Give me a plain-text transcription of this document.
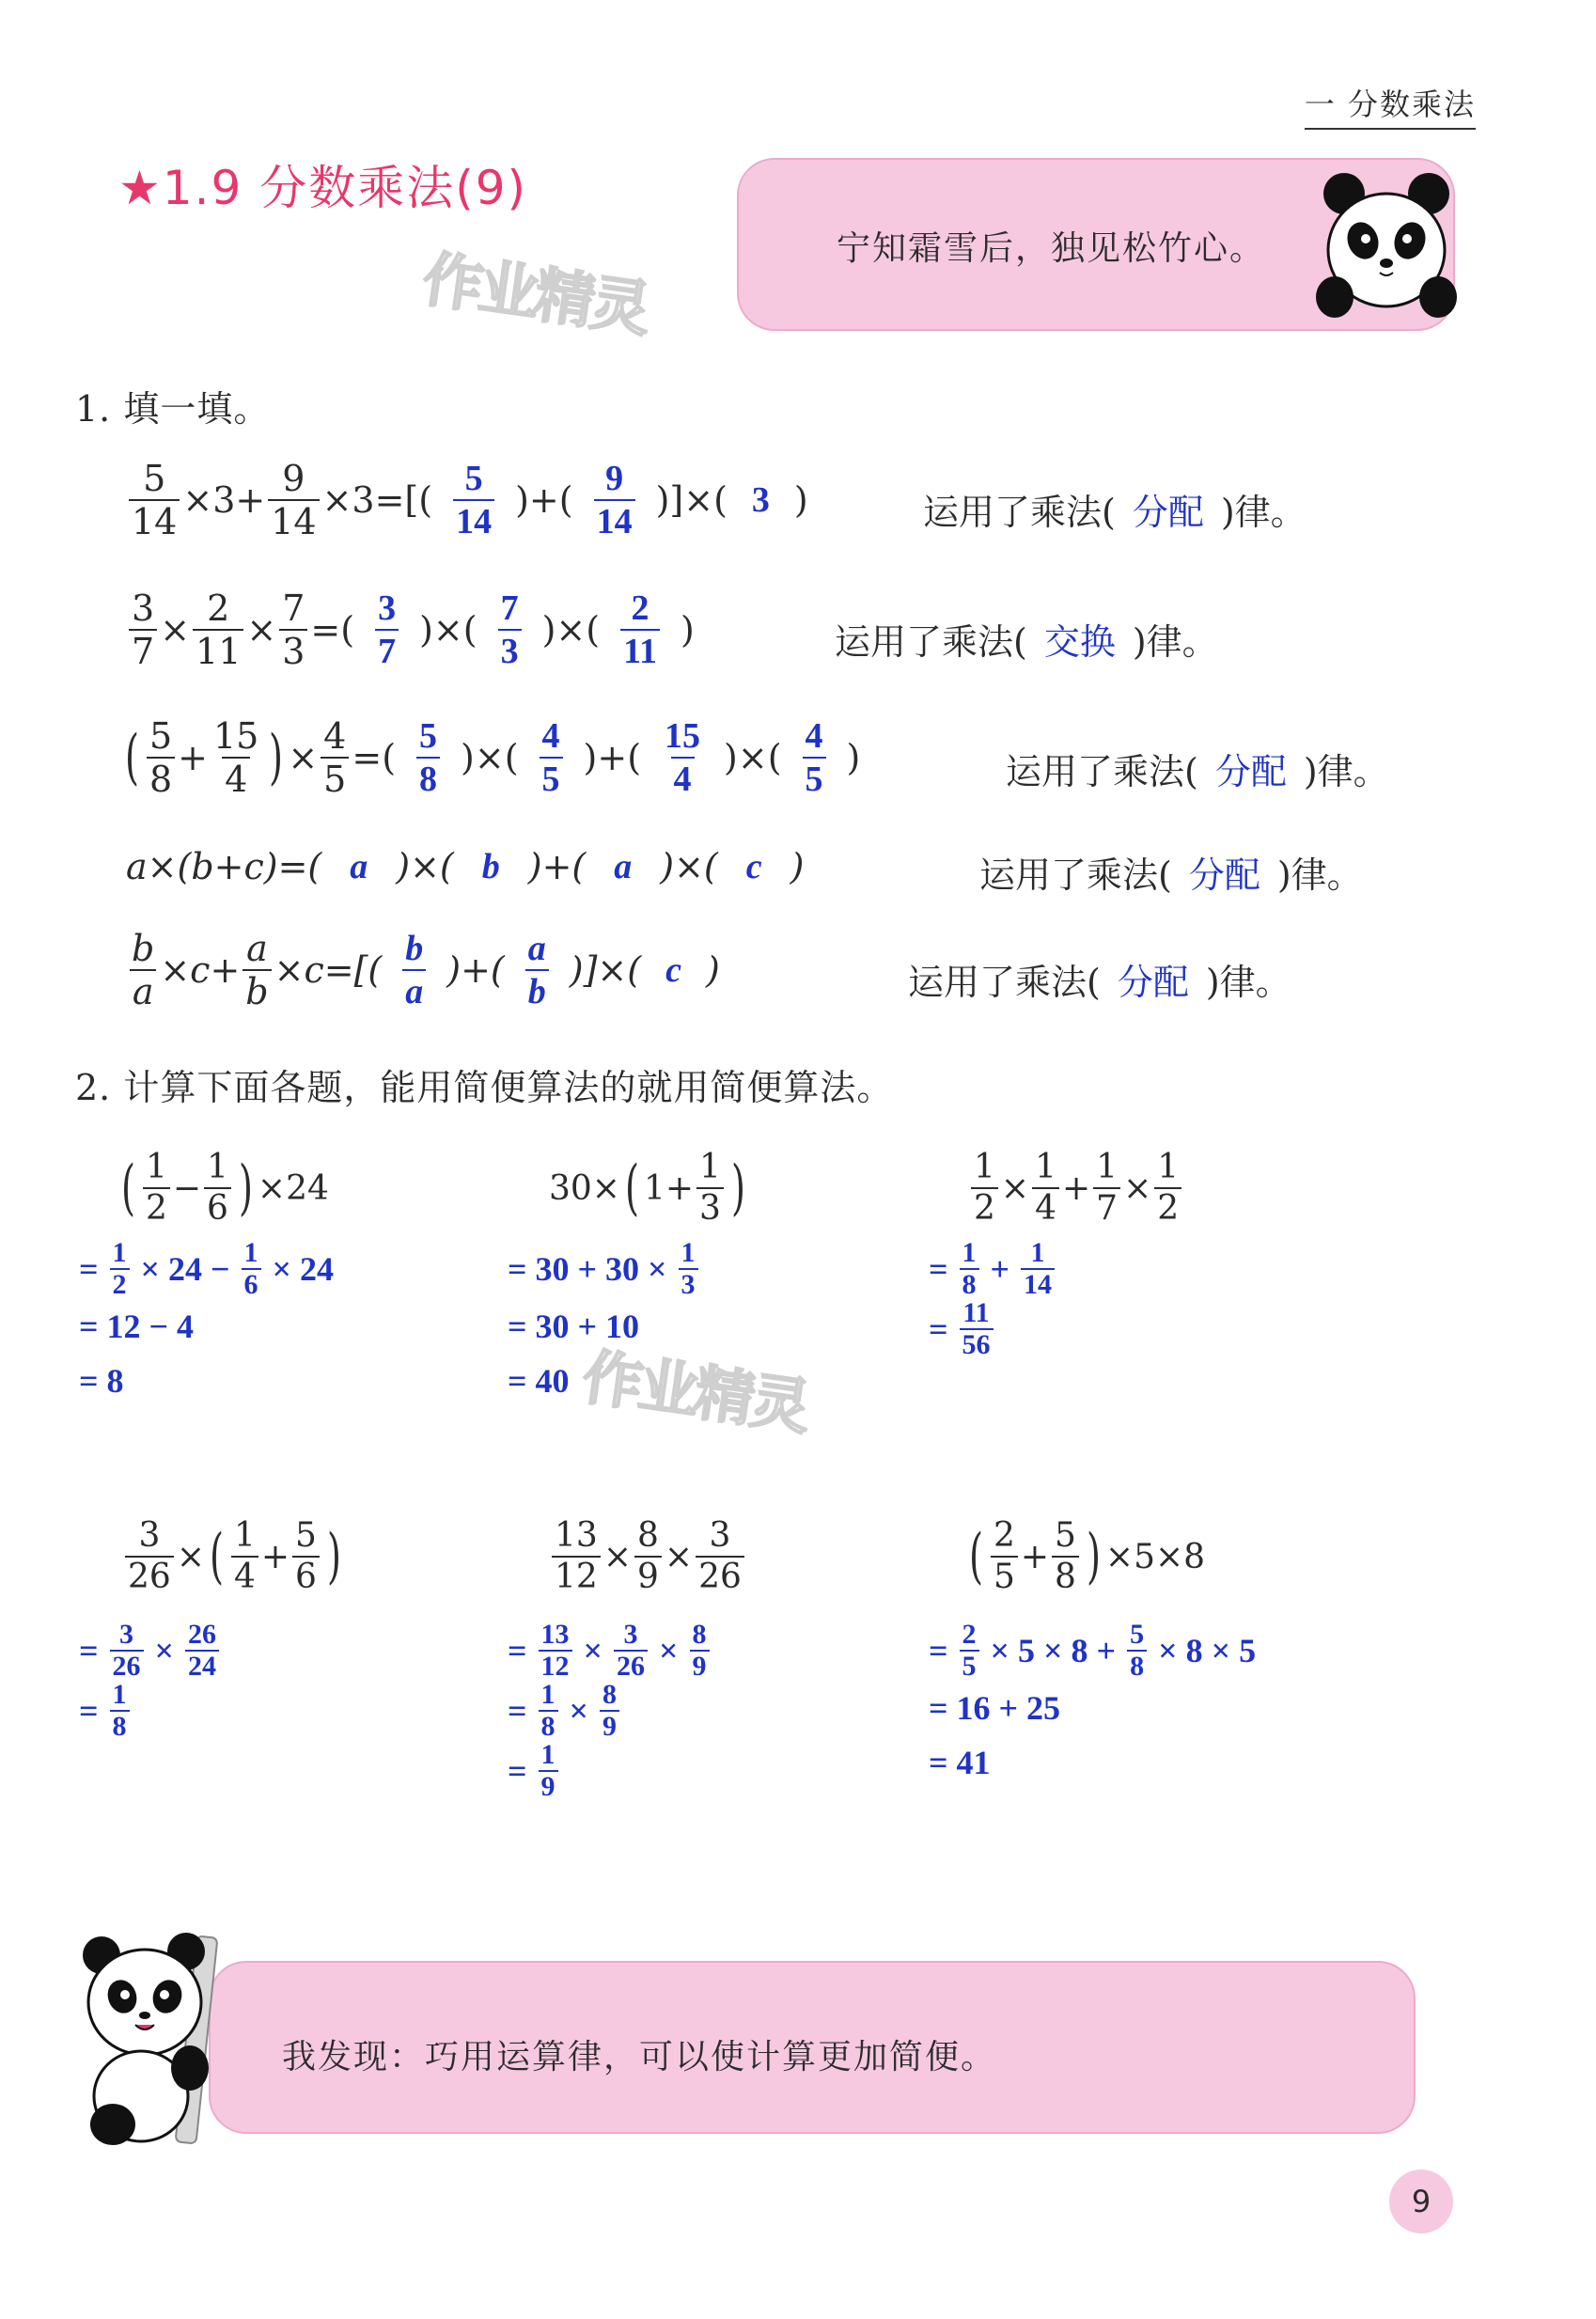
一 分数乘法
★1.9 分数乘法(9)
作业精灵	宁知霜雪后，独见松竹心。
1. 填一填。
5
14
×3+
9
14
×3=[(
5
14
)+(
9
14
)]×( 3 )	运用了乘法( 分配 )律。
3
7
×
2
11
×
7
3
=(
3
7
)×(
7
3
)×(
2
11
)	运用了乘法( 交换 )律。
( 5
8
+
15
4 ) ×
4
5
=(
5
8
)×(
4
5
)+(
15
4
)×(
4
5
)	运用了乘法( 分配 )律。
a×(b+c)=( a )×( b )+( a )×( c )	运用了乘法( 分配 )律。
b
a
×c+
a
b
×c=[(
b
a
)+(
a
b
)]×( c )	运用了乘法( 分配 )律。
2. 计算下面各题，能用简便算法的就用简便算法。
( 1
2
−
1
6 ) ×24
= 1
2 × 24 − 1
6 × 24
= 12 − 4
= 8
30× ( 1+
1
3 )
= 30 + 30 × 1
3
= 30 + 10
= 40 作业精灵
1
2
×
1
4
+
1
7
×
1
2
= 1
8 + 1
14
= 11
56
3
26
× ( 1
4
+
5
6 )
= 3
26 × 26
24
= 1
8
13
12
×
8
9
×
3
26
= 13
12 × 3
26 × 8
9
= 1
8 × 8
9
= 1
9
( 2
5
+
5
8 ) ×5×8
= 2
5 × 5 × 8 + 5
8 × 8 × 5
= 16 + 25
= 41
我发现：巧用运算律，可以使计算更加简便。
9
